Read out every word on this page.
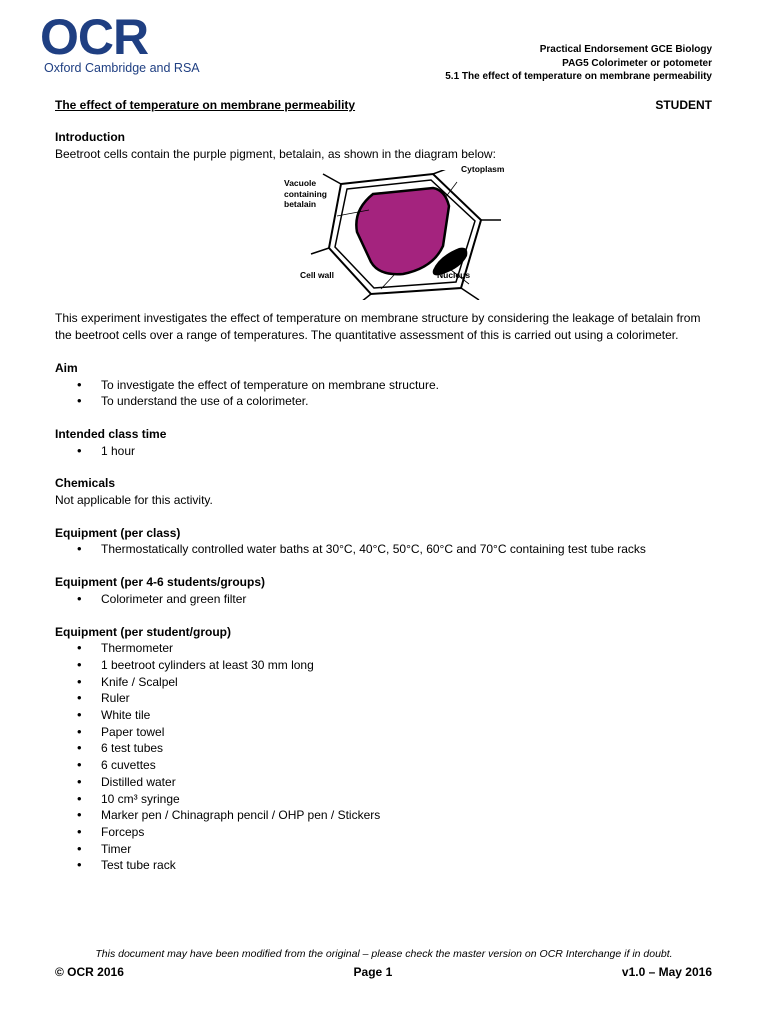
OCR
Oxford Cambridge and RSA
Practical Endorsement GCE Biology
PAG5 Colorimeter or potometer
5.1 The effect of temperature on membrane permeability
The effect of temperature on membrane permeability	STUDENT
Introduction
Beetroot cells contain the purple pigment, betalain, as shown in the diagram below:
Vacuole
containing
betalain
Cytoplasm
Cell wall	Nucleus

This experiment investigates the effect of temperature on membrane structure by considering the leakage of betalain from the beetroot cells over a range of temperatures. The quantitative assessment of this is carried out using a colorimeter.

Aim
• To investigate the effect of temperature on membrane structure.
• To understand the use of a colorimeter.
Intended class time
• 1 hour
Chemicals
Not applicable for this activity.
Equipment (per class)
• Thermostatically controlled water baths at 30°C, 40°C, 50°C, 60°C and 70°C containing test tube racks
Equipment (per 4-6 students/groups)
• Colorimeter and green filter
Equipment (per student/group)
• Thermometer
• 1 beetroot cylinders at least 30 mm long
• Knife / Scalpel
• Ruler
• White tile
• Paper towel
• 6 test tubes
• 6 cuvettes
• Distilled water
• 10 cm³ syringe
• Marker pen / Chinagraph pencil / OHP pen / Stickers
• Forceps
• Timer
• Test tube rack
This document may have been modified from the original – please check the master version on OCR Interchange if in doubt.
© OCR 2016	Page 1	v1.0 – May 2016
